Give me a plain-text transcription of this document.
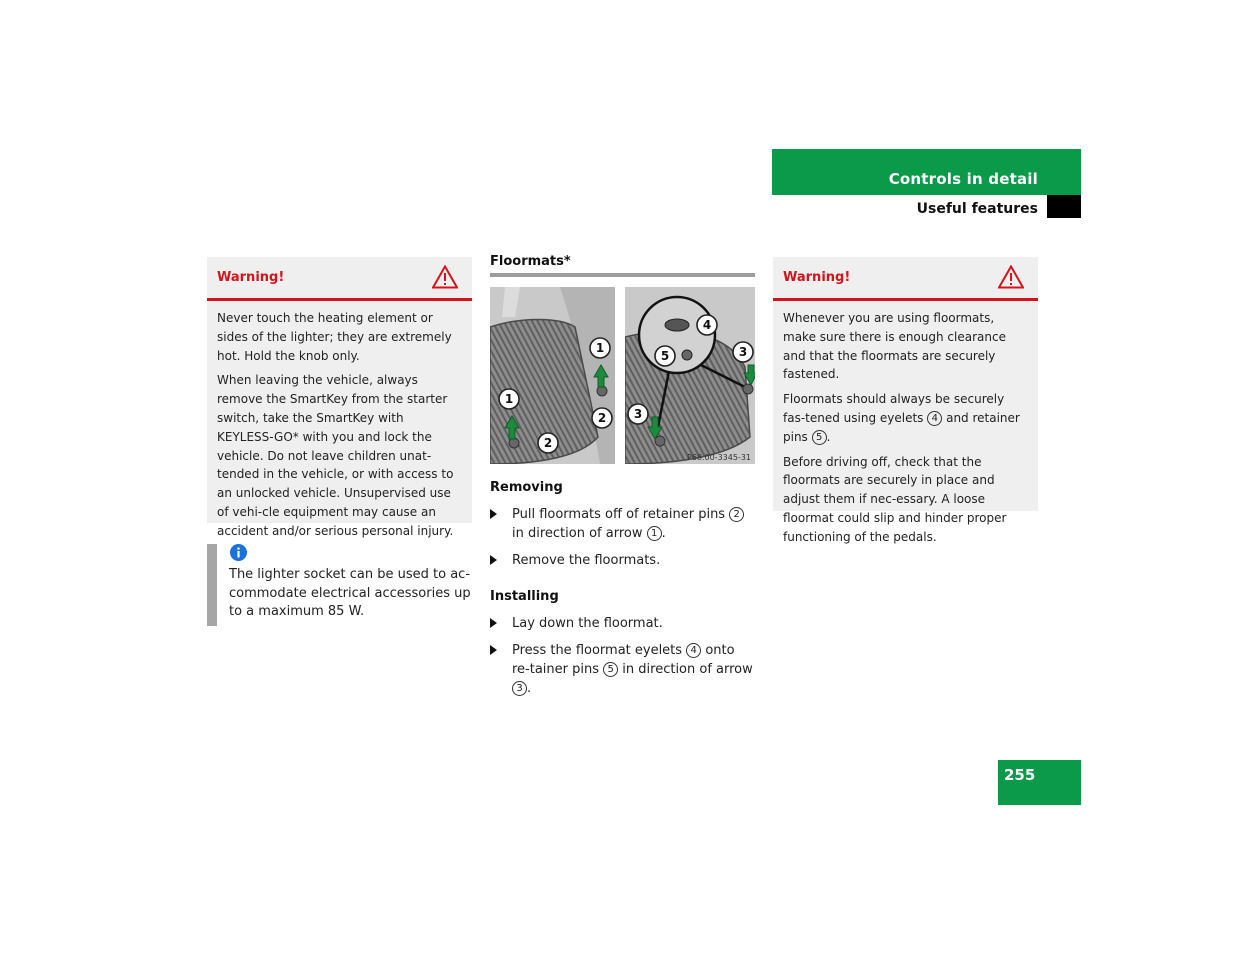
Controls in detail
Useful features
Warning!

Never touch the heating element or sides of the lighter; they are extremely hot. Hold the knob only.

When leaving the vehicle, always remove the SmartKey from the starter switch, take the SmartKey with KEYLESS-GO* with you and lock the vehicle. Do not leave children unat-tended in the vehicle, or with access to an unlocked vehicle. Unsupervised use of vehi-cle equipment may cause an accident and/or serious personal injury.

The lighter socket can be used to ac-commodate electrical accessories up to a maximum 85 W.
Floormats*
1
1
2
2
4
5	3
3
P68.00-3345-31
Removing
Pull floormats off of retainer pins 2 in direction of arrow 1 .
Remove the floormats.
Installing
Lay down the floormat.
Press the floormat eyelets 4 onto re-tainer pins 5 in direction of arrow 3 .
Warning!

Whenever you are using floormats, make sure there is enough clearance and that the floormats are securely fastened.

Floormats should always be securely fas-tened using eyelets 4 and retainer pins 5 .

Before driving off, check that the floormats are securely in place and adjust them if nec-essary. A loose floormat could slip and hinder proper functioning of the pedals.

255
